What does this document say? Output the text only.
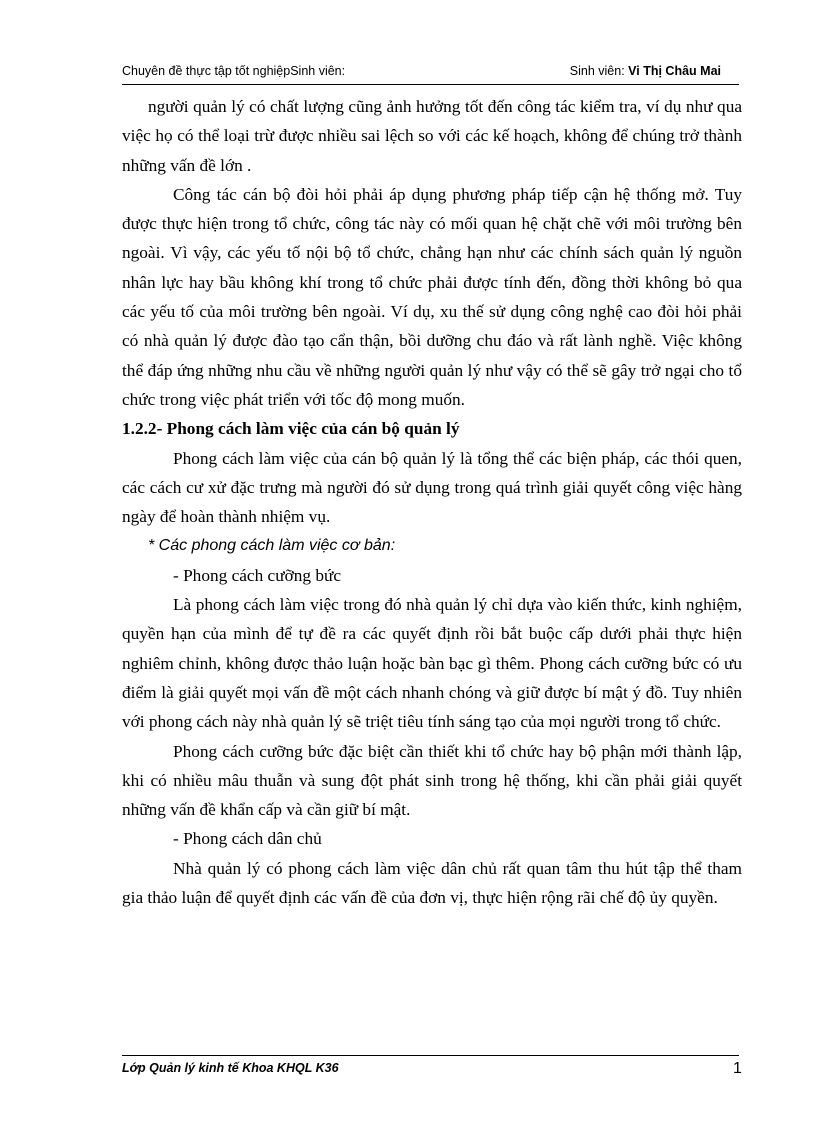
Chuyên đề thực tập tốt nghiệpSinh viên:	Sinh viên: Vi Thị Châu Mai

người quản lý có chất lượng cũng ảnh hưởng tốt đến công tác kiểm tra, ví dụ như qua việc họ có thể loại trừ được nhiều sai lệch so với các kế hoạch, không để chúng trở thành những vấn đề lớn .

Công tác cán bộ đòi hỏi phải áp dụng phương pháp tiếp cận hệ thống mở. Tuy được thực hiện trong tổ chức, công tác này có mối quan hệ chặt chẽ với môi trường bên ngoài. Vì vậy, các yếu tố nội bộ tổ chức, chẳng hạn như các chính sách quản lý nguồn nhân lực hay bầu không khí trong tổ chức phải được tính đến, đồng thời không bỏ qua các yếu tố của môi trường bên ngoài. Ví dụ, xu thế sử dụng công nghệ cao đòi hỏi phải có nhà quản lý được đào tạo cẩn thận, bồi dưỡng chu đáo và rất lành nghề. Việc không thể đáp ứng những nhu cầu về những người quản lý như vậy có thể sẽ gây trở ngại cho tổ chức trong việc phát triển với tốc độ mong muốn.

1.2.2- Phong cách làm việc của cán bộ quản lý

Phong cách làm việc của cán bộ quản lý là tổng thể các biện pháp, các thói quen, các cách cư xử đặc trưng mà người đó sử dụng trong quá trình giải quyết công việc hàng ngày để hoàn thành nhiệm vụ.

* Các phong cách làm việc cơ bản:

- Phong cách cưỡng bức

Là phong cách làm việc trong đó nhà quản lý chỉ dựa vào kiến thức, kinh nghiệm, quyền hạn của mình để tự đề ra các quyết định rồi bắt buộc cấp dưới phải thực hiện nghiêm chỉnh, không được thảo luận hoặc bàn bạc gì thêm. Phong cách cưỡng bức có ưu điểm là giải quyết mọi vấn đề một cách nhanh chóng và giữ được bí mật ý đồ. Tuy nhiên với phong cách này nhà quản lý sẽ triệt tiêu tính sáng tạo của mọi người trong tổ chức.

Phong cách cưỡng bức đặc biệt cần thiết khi tổ chức hay bộ phận mới thành lập, khi có nhiều mâu thuẫn và sung đột phát sinh trong hệ thống, khi cần phải giải quyết những vấn đề khẩn cấp và cần giữ bí mật.

- Phong cách dân chủ

Nhà quản lý có phong cách làm việc dân chủ rất quan tâm thu hút tập thể tham gia thảo luận để quyết định các vấn đề của đơn vị, thực hiện rộng rãi chế độ ủy quyền.

Lớp Quản lý kinh tế Khoa KHQL K36	1
